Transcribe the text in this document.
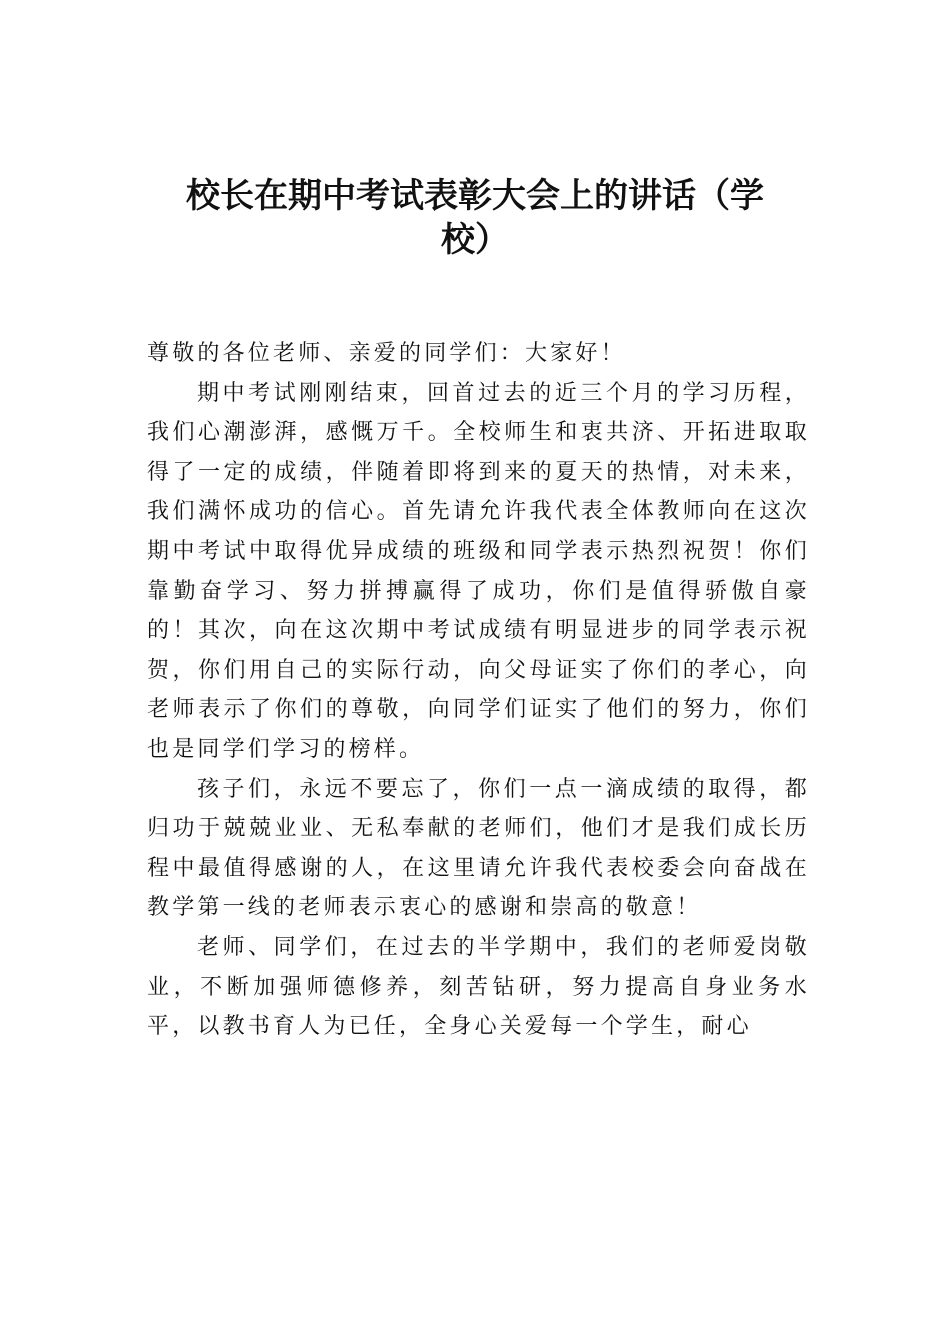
校长在期中考试表彰大会上的讲话（学
校）

尊敬的各位老师、亲爱的同学们：大家好！

期中考试刚刚结束，回首过去的近三个月的学习历程，我们心潮澎湃，感慨万千。全校师生和衷共济、开拓进取取得了一定的成绩，伴随着即将到来的夏天的热情，对未来，我们满怀成功的信心。首先请允许我代表全体教师向在这次期中考试中取得优异成绩的班级和同学表示热烈祝贺！你们靠勤奋学习、努力拼搏赢得了成功，你们是值得骄傲自豪的！其次，向在这次期中考试成绩有明显进步的同学表示祝贺，你们用自己的实际行动，向父母证实了你们的孝心，向老师表示了你们的尊敬，向同学们证实了他们的努力，你们也是同学们学习的榜样。

孩子们，永远不要忘了，你们一点一滴成绩的取得，都归功于兢兢业业、无私奉献的老师们，他们才是我们成长历程中最值得感谢的人，在这里请允许我代表校委会向奋战在教学第一线的老师表示衷心的感谢和崇高的敬意！

老师、同学们，在过去的半学期中，我们的老师爱岗敬业，不断加强师德修养，刻苦钻研，努力提高自身业务水平，以教书育人为已任，全身心关爱每一个学生，耐心
